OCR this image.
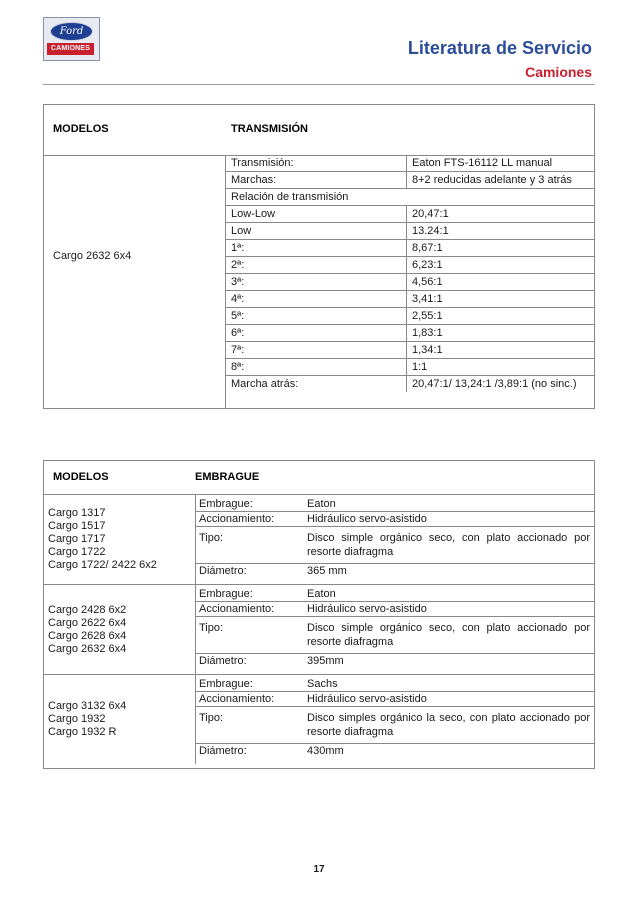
Ford
CAMIONES	Literatura de Servicio
Camiones
MODELOS	TRANSMISIÓN
Cargo 2632 6x4
Transmisión:	Eaton FTS-16112 LL manual
Marchas:	8+2 reducidas adelante y 3 atrás
Relación de transmisión
Low-Low	20,47:1
Low	13.24:1
1ª:	8,67:1
2ª:	6,23:1
3ª:	4,56:1
4ª:	3,41:1
5ª:	2,55:1
6ª:	1,83:1
7ª:	1,34:1
8ª:	1:1
Marcha atrás:	20,47:1/ 13,24:1 /3,89:1 (no sinc.)
MODELOS	EMBRAGUE
Cargo 1317
Cargo 1517
Cargo 1717
Cargo 1722
Cargo 1722/ 2422 6x2
Embrague:	Eaton
Accionamiento:	Hidráulico servo-asistido
Tipo:	Disco simple orgánico seco, con plato accionado por resorte diafragma
Diámetro:	365 mm
Cargo 2428 6x2
Cargo 2622 6x4
Cargo 2628 6x4
Cargo 2632 6x4
Embrague:	Eaton
Accionamiento:	Hidráulico servo-asistido
Tipo:	Disco simple orgánico seco, con plato accionado por resorte diafragma
Diámetro:	395mm
Cargo 3132 6x4
Cargo 1932
Cargo 1932 R
Embrague:	Sachs
Accionamiento:	Hidráulico servo-asistido
Tipo:	Disco simples orgánico la seco, con plato accionado por resorte diafragma
Diámetro:	430mm
17
